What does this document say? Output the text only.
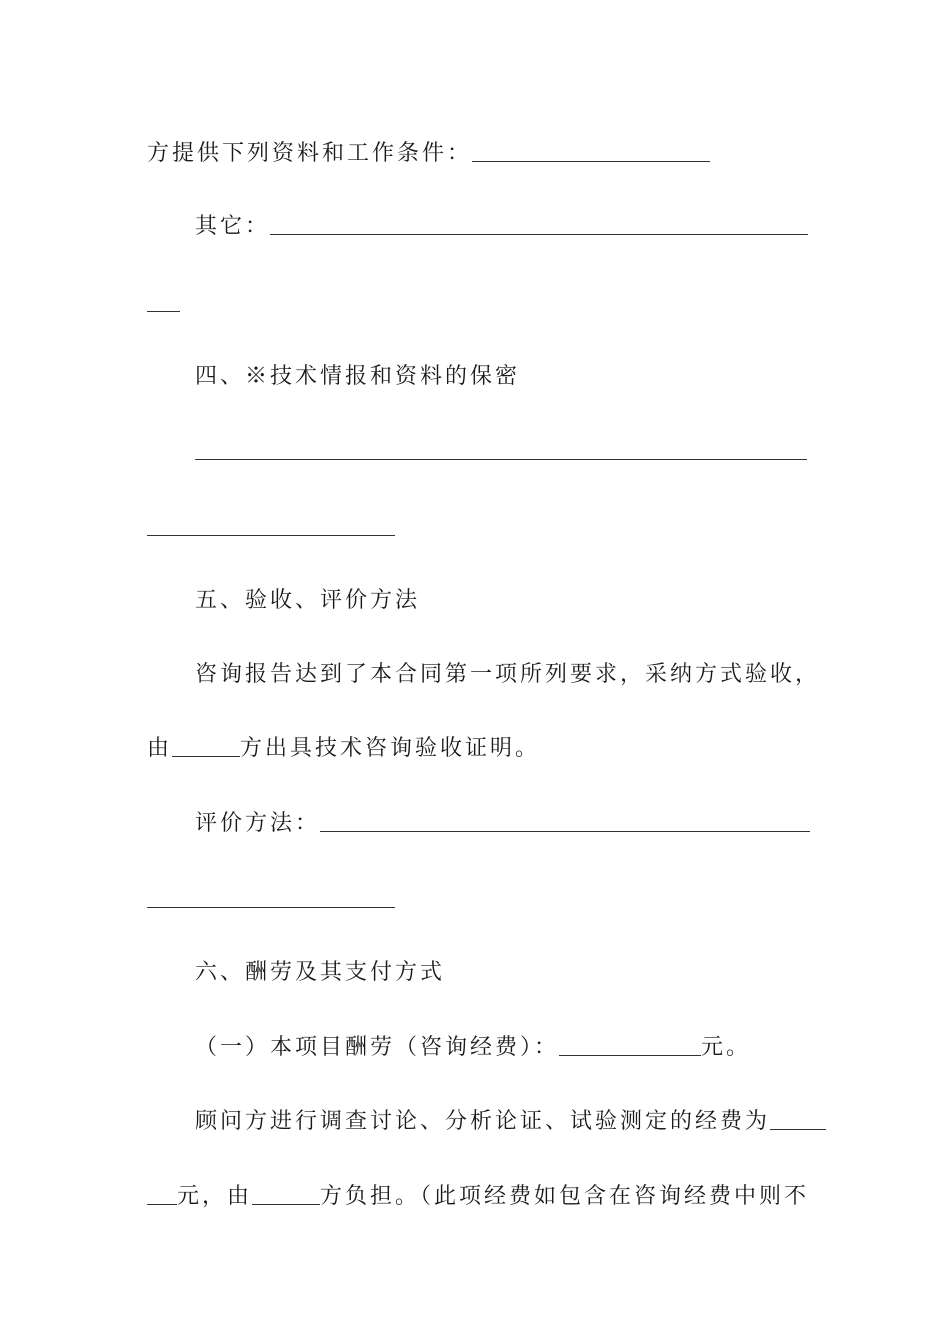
方提供下列资料和工作条件：
其它：
四、※技术情报和资料的保密
五、验收、评价方法
咨询报告达到了本合同第一项所列要求，采纳方式验收，
由	方出具技术咨询验收证明。
评价方法：
六、酬劳及其支付方式
（一）本项目酬劳（咨询经费）：	元。
顾问方进行调查讨论、分析论证、试验测定的经费为
元，由	方负担。（此项经费如包含在咨询经费中则不
